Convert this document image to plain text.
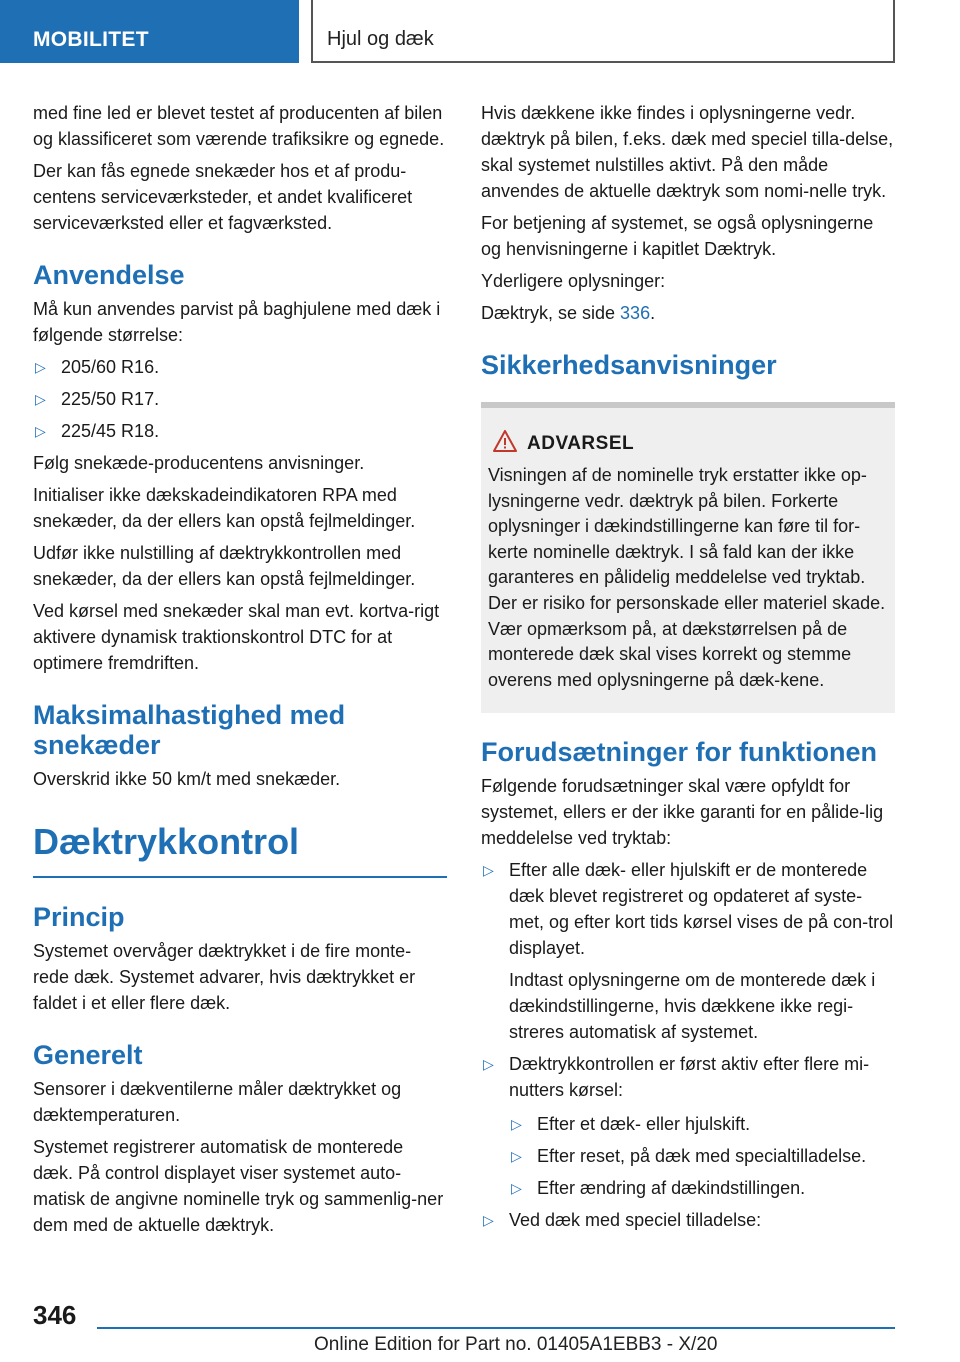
MOBILITET	Hjul og dæk

med fine led er blevet testet af producenten af bilen og klassificeret som værende trafiksikre og egnede.

Der kan fås egnede snekæder hos et af produ‐centens serviceværksteder, et andet kvalificeret serviceværksted eller et fagværksted.

Anvendelse

Må kun anvendes parvist på baghjulene med dæk i følgende størrelse:

▷ 205/60 R16.
▷ 225/50 R17.
▷ 225/45 R18.

Følg snekæde-producentens anvisninger.

Initialiser ikke dækskadeindikatoren RPA med snekæder, da der ellers kan opstå fejlmeldinger.

Udfør ikke nulstilling af dæktrykkontrollen med snekæder, da der ellers kan opstå fejlmeldinger.

Ved kørsel med snekæder skal man evt. kortva‐rigt aktivere dynamisk traktionskontrol DTC for at optimere fremdriften.

Maksimalhastighed med snekæder

Overskrid ikke 50 km/t med snekæder.

Dæktrykkontrol
Princip

Systemet overvåger dæktrykket i de fire monte‐rede dæk. Systemet advarer, hvis dæktrykket er faldet i et eller flere dæk.

Generelt

Sensorer i dækventilerne måler dæktrykket og dæktemperaturen.

Systemet registrerer automatisk de monterede dæk. På control displayet viser systemet auto‐matisk de angivne nominelle tryk og sammenlig‐ner dem med de aktuelle dæktryk.

Hvis dækkene ikke findes i oplysningerne vedr. dæktryk på bilen, f.eks. dæk med speciel tilla‐delse, skal systemet nulstilles aktivt. På den måde anvendes de aktuelle dæktryk som nomi‐nelle tryk.

For betjening af systemet, se også oplysningerne og henvisningerne i kapitlet Dæktryk.

Yderligere oplysninger:

Dæktryk, se side 336.

Sikkerhedsanvisninger
ADVARSEL
Visningen af de nominelle tryk erstatter ikke op‐lysningerne vedr. dæktryk på bilen. Forkerte oplysninger i dækindstillingerne kan føre til for‐kerte nominelle dæktryk. I så fald kan der ikke garanteres en pålidelig meddelelse ved tryktab. Der er risiko for personskade eller materiel skade. Vær opmærksom på, at dækstørrelsen på de monterede dæk skal vises korrekt og stemme overens med oplysningerne på dæk‐kene.
Forudsætninger for funktionen

Følgende forudsætninger skal være opfyldt for systemet, ellers er der ikke garanti for en pålide‐lig meddelelse ved tryktab:

▷ Efter alle dæk- eller hjulskift er de monterede dæk blevet registreret og opdateret af syste‐met, og efter kort tids kørsel vises de på con‐trol displayet.
Indtast oplysningerne om de monterede dæk i dækindstillingerne, hvis dækkene ikke regi‐streres automatisk af systemet.
▷ Dæktrykkontrollen er først aktiv efter flere mi‐nutters kørsel:
▷ Efter et dæk- eller hjulskift.
▷ Efter reset, på dæk med specialtilladelse.
▷ Efter ændring af dækindstillingen.
▷ Ved dæk med speciel tilladelse:
346
Online Edition for Part no. 01405A1EBB3 - X/20
